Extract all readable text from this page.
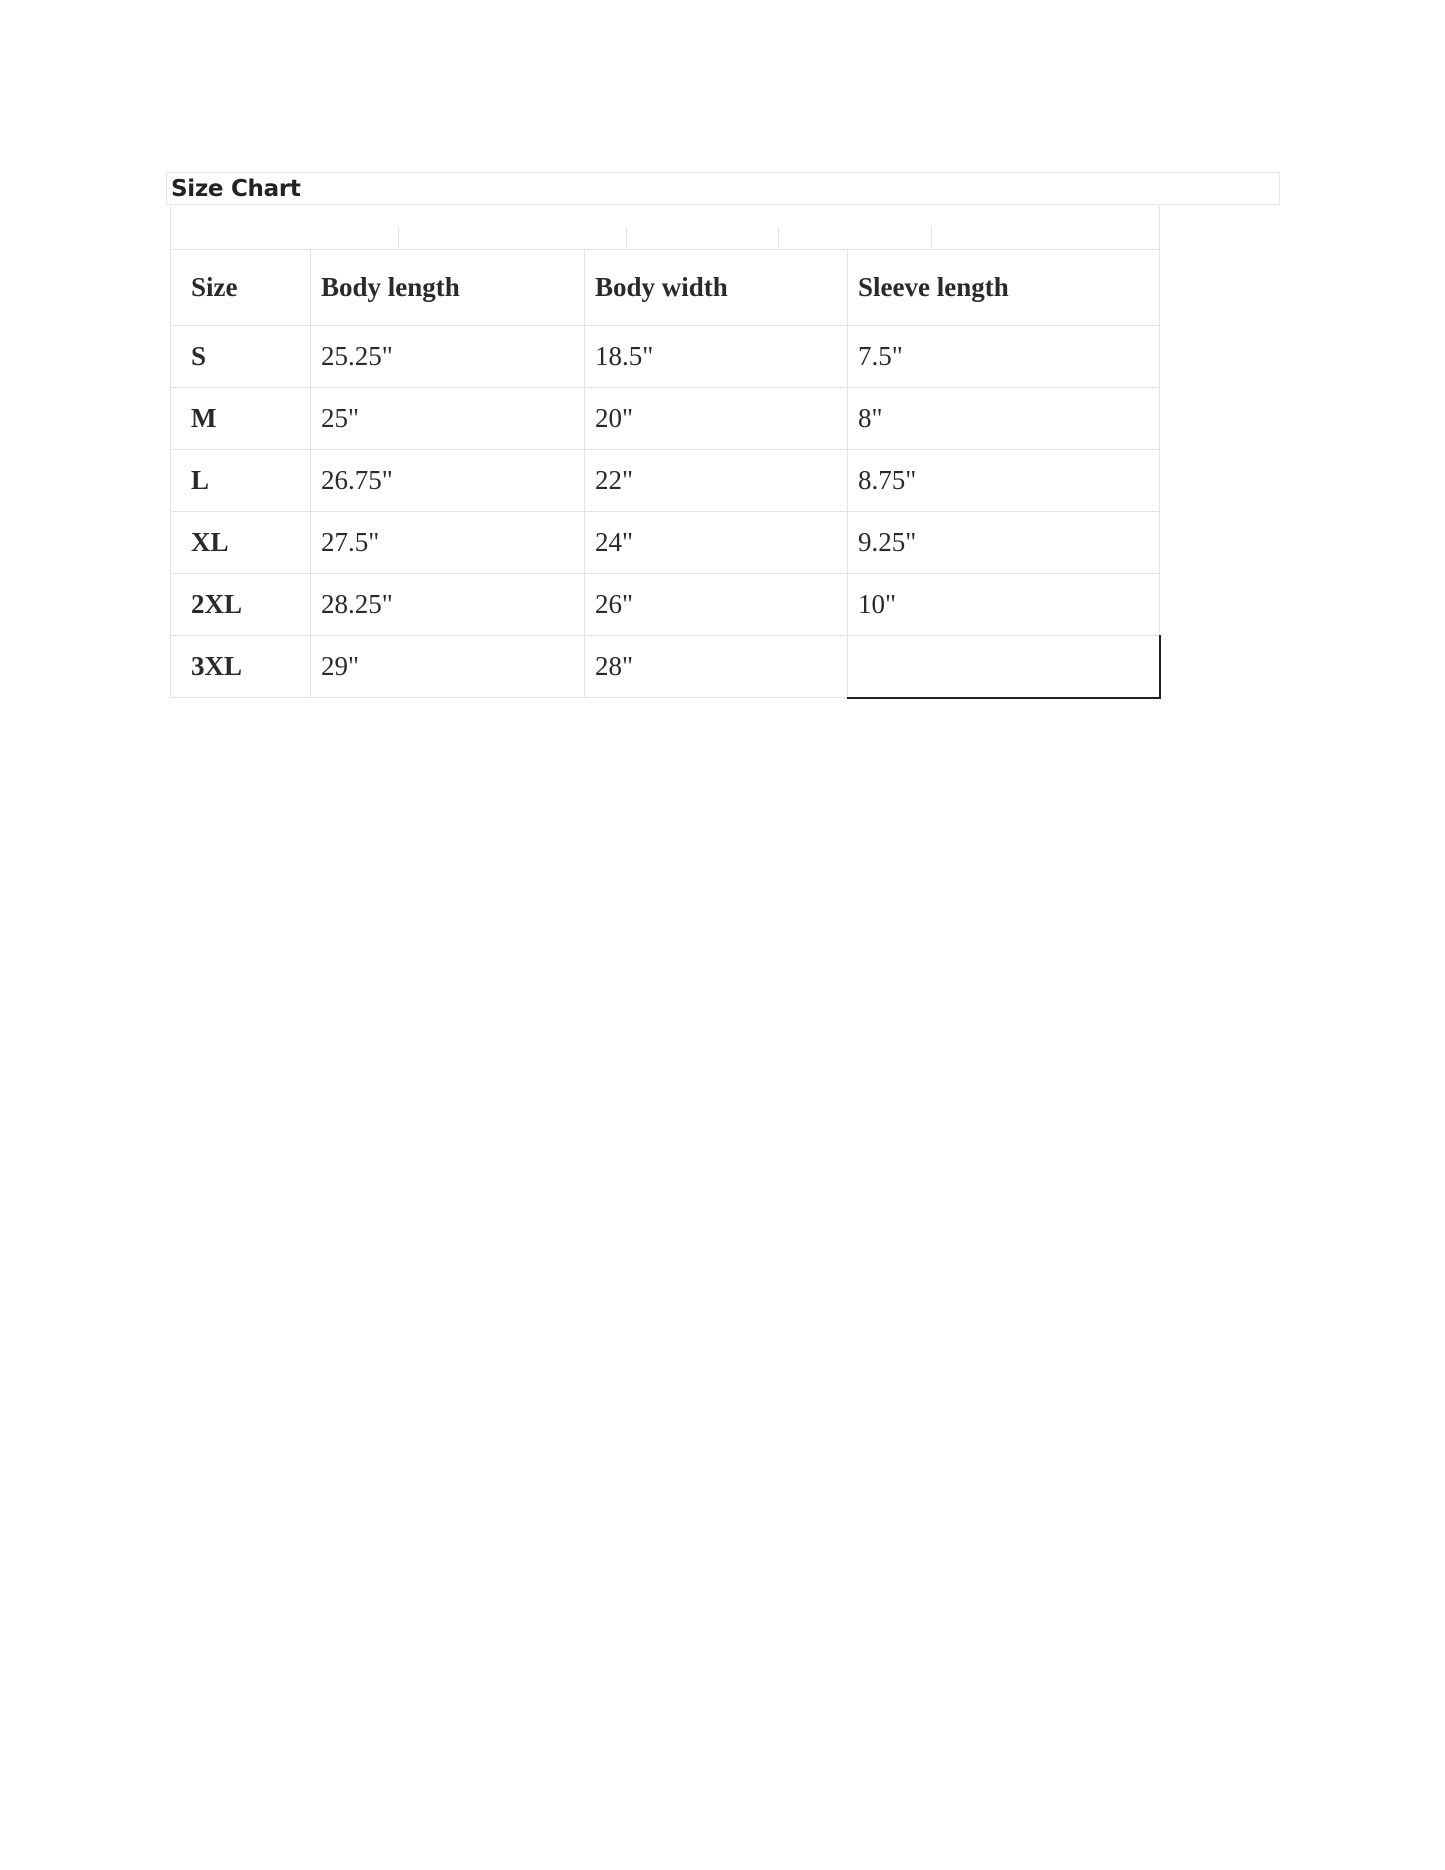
Size Chart
Size	Body length	Body width	Sleeve length
S	25.25"	18.5"	7.5"
M	25"	20"	8"
L	26.75"	22"	8.75"
XL	27.5"	24"	9.25"
2XL	28.25"	26"	10"
3XL	29"	28"	
